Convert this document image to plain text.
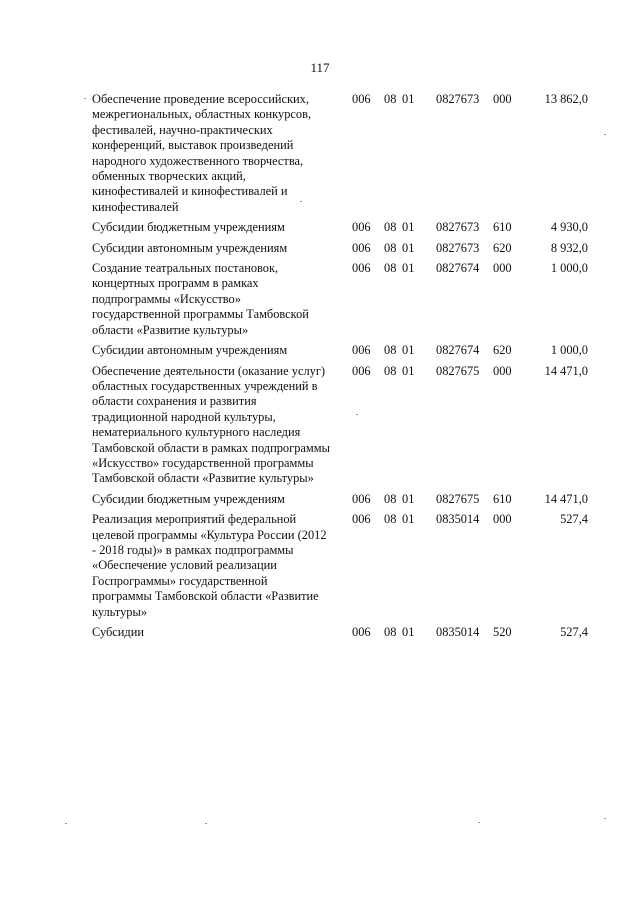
117
Обеспечение проведение всероссийских, межрегиональных, областных конкурсов, фестивалей, научно-практических конференций, выставок произведений народного художественного творчества, обменных творческих акций, кинофестивалей и кинофестивалей и кинофестивалей
006 08 01 0827673 000	13 862,0
Субсидии бюджетным учреждениям	006 08 01 0827673 610	4 930,0
Субсидии автономным учреждениям	006 08 01 0827673 620	8 932,0
Создание театральных постановок, концертных программ в рамках подпрограммы «Искусство» государственной программы Тамбовской области «Развитие культуры»
006 08 01 0827674 000	1 000,0
Субсидии автономным учреждениям	006 08 01 0827674 620	1 000,0
Обеспечение деятельности (оказание услуг) областных государственных учреждений в области сохранения и развития традиционной народной культуры, нематериального культурного наследия Тамбовской области в рамках подпрограммы «Искусство» государственной программы Тамбовской области «Развитие культуры»
006 08 01 0827675 000	14 471,0
Субсидии бюджетным учреждениям	006 08 01 0827675 610	14 471,0
Реализация мероприятий федеральной целевой программы «Культура России (2012 - 2018 годы)» в рамках подпрограммы «Обеспечение условий реализации Госпрограммы» государственной программы Тамбовской области «Развитие культуры»
006 08 01 0835014 000	527,4
Субсидии	006 08 01 0835014 520	527,4
